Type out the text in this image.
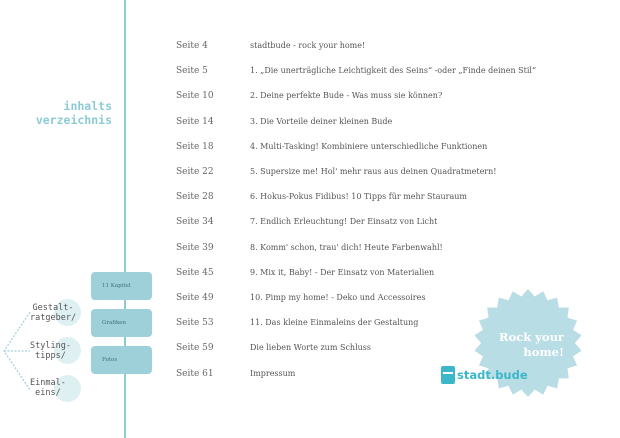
inhalts
verzeichnis
Seite 4	stadtbude - rock your home!
Seite 5	1. „Die unerträgliche Leichtigkeit des Seins“ -oder „Finde deinen Stil“
Seite 10	2. Deine perfekte Bude - Was muss sie können?
Seite 14	3. Die Vorteile deiner kleinen Bude
Seite 18	4. Multi-Tasking! Kombiniere unterschiedliche Funktionen
Seite 22	5. Supersize me! Hol' mehr raus aus deinen Quadratmetern!
Seite 28	6. Hokus-Pokus Fidibus! 10 Tipps für mehr Stauraum
Seite 34	7. Endlich Erleuchtung! Der Einsatz von Licht
Seite 39	8. Komm' schon, trau' dich! Heute Farbenwahl!
Seite 45	9. Mix it, Baby! - Der Einsatz von Materialien
Seite 49	10. Pimp my home! - Deko und Accessoires
Seite 53	11. Das kleine Einmaleins der Gestaltung
Seite 59	Die lieben Worte zum Schluss
Seite 61	Impressum
11 Kapitel
Grafiken
Fotos
Gestalt-
ratgeber/
Styling-
tipps/
Einmal-
eins/
Rock your
home!
stadt.bude
